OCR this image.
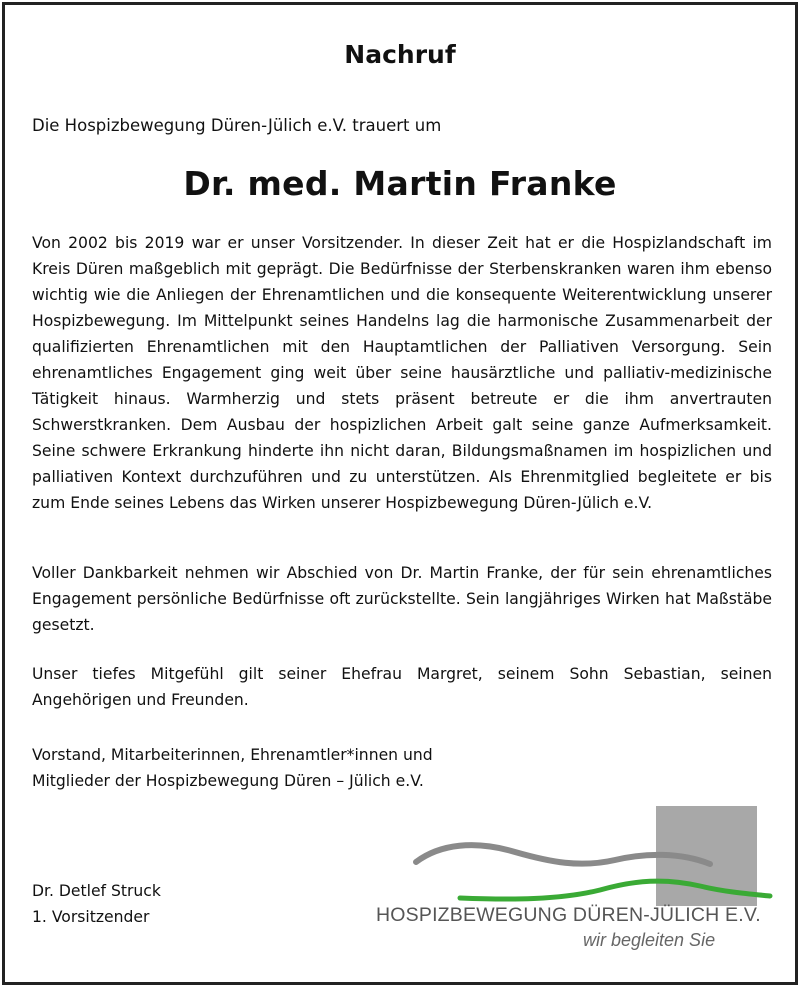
Nachruf
Die Hospizbewegung Düren-Jülich e.V. trauert um
Dr. med. Martin Franke
Von 2002 bis 2019 war er unser Vorsitzender. In dieser Zeit hat er die Hospizlandschaft im Kreis Düren maßgeblich mit geprägt. Die Bedürfnisse der Sterbenskranken waren ihm ebenso wichtig wie die Anliegen der Ehrenamtlichen und die konsequente Weiterentwicklung unserer Hospizbewegung. Im Mittelpunkt seines Handelns lag die harmonische Zusammenarbeit der qualifizierten Ehrenamtlichen mit den Hauptamtlichen der Palliativen Versorgung. Sein ehrenamtliches Engagement ging weit über seine hausärztliche und palliativ-medizinische Tätigkeit hinaus. Warmherzig und stets präsent betreute er die ihm anvertrauten Schwerstkranken. Dem Ausbau der hospizlichen Arbeit galt seine ganze Aufmerksamkeit. Seine schwere Erkrankung hinderte ihn nicht daran, Bildungsmaßnamen im hospizlichen und palliativen Kontext durchzuführen und zu unterstützen. Als Ehrenmitglied begleitete er bis zum Ende seines Lebens das Wirken unserer Hospizbewegung Düren-Jülich e.V.
Voller Dankbarkeit nehmen wir Abschied von Dr. Martin Franke, der für sein ehrenamtliches Engagement persönliche Bedürfnisse oft zurückstellte. Sein langjähriges Wirken hat Maßstäbe gesetzt.
Unser tiefes Mitgefühl gilt seiner Ehefrau Margret, seinem Sohn Sebastian, seinen Angehörigen und Freunden.
Vorstand, Mitarbeiterinnen, Ehrenamtler*innen und
Mitglieder der Hospizbewegung Düren – Jülich e.V.
Dr. Detlef Struck
1. Vorsitzender	HOSPIZBEWEGUNG DÜREN-JÜLICH E.V.
wir begleiten Sie
